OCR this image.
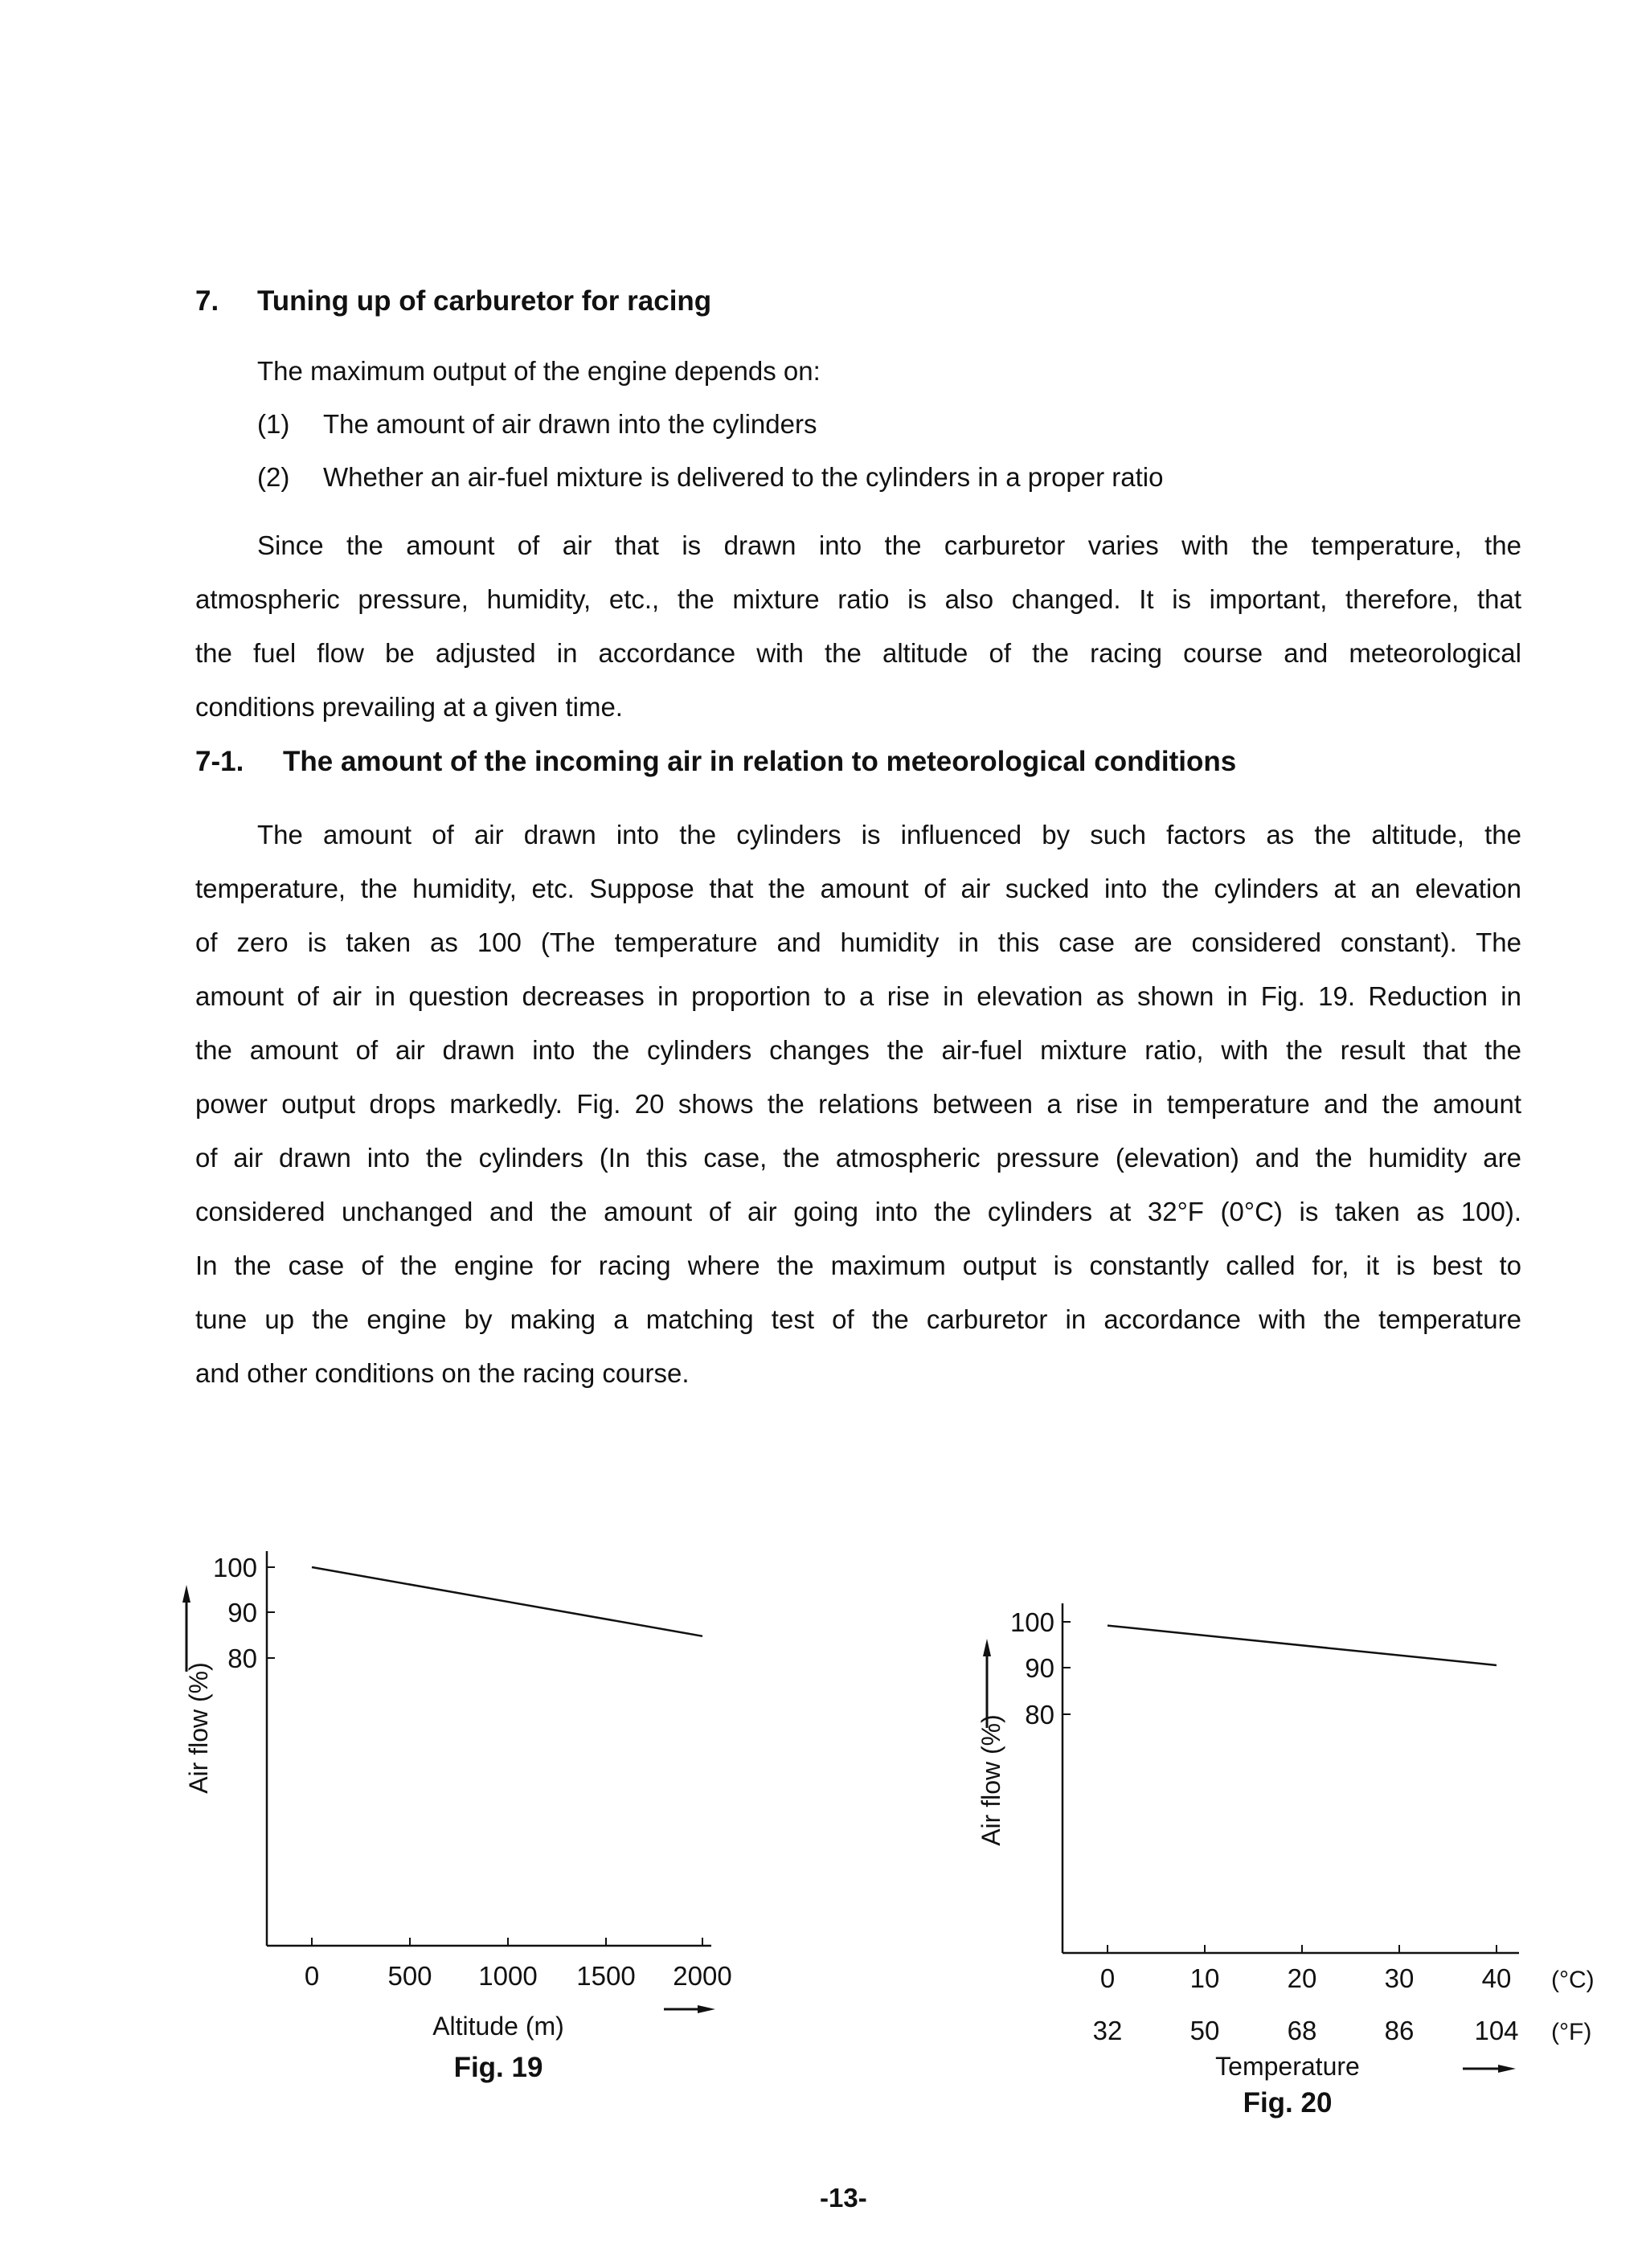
7. Tuning up of carburetor for racing
The maximum output of the engine depends on:
(1) The amount of air drawn into the cylinders
(2) Whether an air-fuel mixture is delivered to the cylinders in a proper ratio
Since the amount of air that is drawn into the carburetor varies with the temperature, the
atmospheric pressure, humidity, etc., the mixture ratio is also changed. It is important, therefore, that
the fuel flow be adjusted in accordance with the altitude of the racing course and meteorological
conditions prevailing at a given time.
7-1. The amount of the incoming air in relation to meteorological conditions
The amount of air drawn into the cylinders is influenced by such factors as the altitude, the
temperature, the humidity, etc. Suppose that the amount of air sucked into the cylinders at an elevation
of zero is taken as 100 (The temperature and humidity in this case are considered constant). The
amount of air in question decreases in proportion to a rise in elevation as shown in Fig. 19. Reduction in
the amount of air drawn into the cylinders changes the air-fuel mixture ratio, with the result that the
power output drops markedly. Fig. 20 shows the relations between a rise in temperature and the amount
of air drawn into the cylinders (In this case, the atmospheric pressure (elevation) and the humidity are
considered unchanged and the amount of air going into the cylinders at 32°F (0°C) is taken as 100).
In the case of the engine for racing where the maximum output is constantly called for, it is best to
tune up the engine by making a matching test of the carburetor in accordance with the temperature
and other conditions on the racing course.
100
90
80
0	500 1000 1500 2000
Air flow (%)
Altitude (m)
Fig. 19
100
90
80
0	10	20	30	40 (°C)
32	50	68	86 104 (°F)
Air flow (%)
Temperature
Fig. 20
-13-
